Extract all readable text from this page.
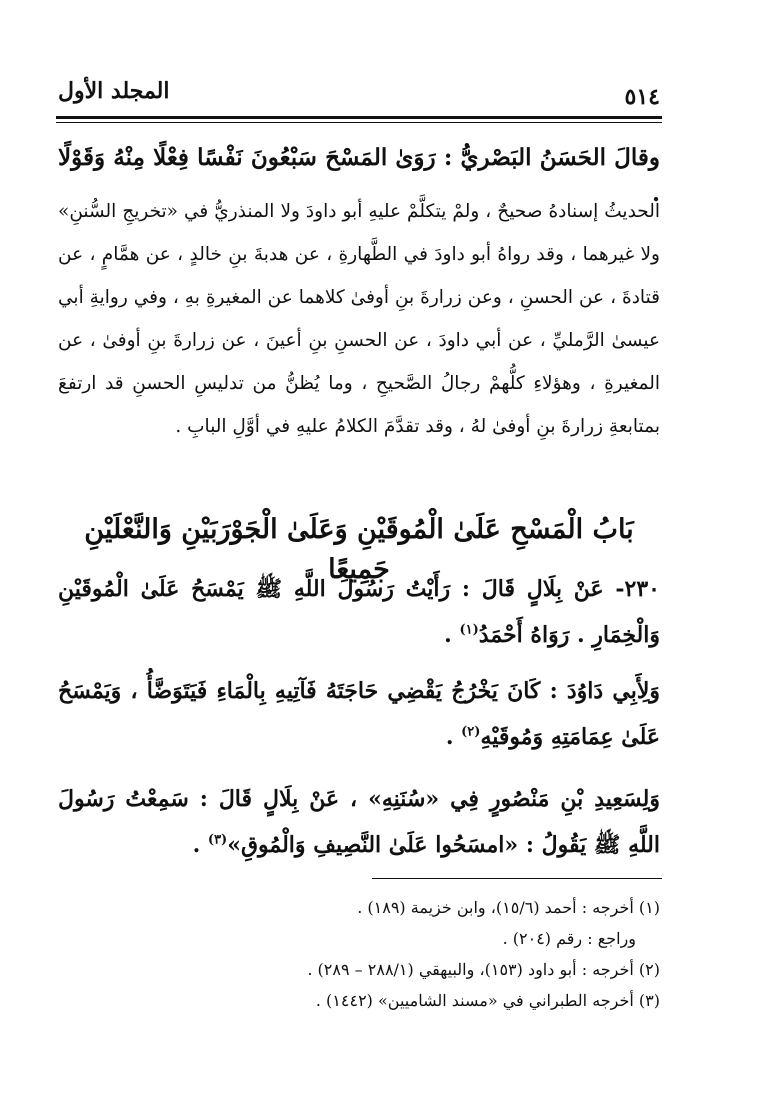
٥١٤
المجلد الأول
وقالَ الحَسَنُ البَصْريُّ : رَوَىٰ المَسْحَ سَبْعُونَ نَفْسًا فِعْلًا مِنْهُ وَقَوْلًا .
الحديثُ إسنادهُ صحيحٌ ، ولمْ يتكلَّمْ عليهِ أبو داودَ ولا المنذريُّ في «تخريجِ السُّننِ» ولا غيرهما ، وقد رواهُ أبو داودَ في الطَّهارةِ ، عن هدبةَ بنِ خالدٍ ، عن همَّامٍ ، عن قتادةَ ، عن الحسنِ ، وعن زرارةَ بنِ أوفىٰ كلاهما عن المغيرةِ بهِ ، وفي روايةِ أبي عيسىٰ الرَّمليِّ ، عن أبي داودَ ، عن الحسنِ بنِ أعينَ ، عن زرارةَ بنِ أوفىٰ ، عن المغيرةِ ، وهؤلاءِ كلُّهمْ رجالُ الصَّحيحِ ، وما يُظنُّ من تدليسِ الحسنِ قد ارتفعَ بمتابعةِ زرارةَ بنِ أوفىٰ لهُ ، وقد تقدَّمَ الكلامُ عليهِ في أوَّلِ البابِ .
بَابُ الْمَسْحِ عَلَىٰ الْمُوقَيْنِ وَعَلَىٰ الْجَوْرَبَيْنِ وَالنَّعْلَيْنِ جَمِيعًا
٢٣٠- عَنْ بِلَالٍ قَالَ : رَأَيْتُ رَسُولَ اللَّهِ ﷺ يَمْسَحُ عَلَىٰ الْمُوقَيْنِ وَالْخِمَارِ . رَوَاهُ أَحْمَدُ$^{(١)}$ .
وَلِأَبِي دَاوُدَ : كَانَ يَخْرُجُ يَقْضِي حَاجَتَهُ فَآتِيهِ بِالْمَاءِ فَيَتَوَضَّأُ ، وَيَمْسَحُ عَلَىٰ عِمَامَتِهِ وَمُوقَيْهِ$^{(٢)}$ .
وَلِسَعِيدِ بْنِ مَنْصُورٍ فِي «سُنَنِهِ» ، عَنْ بِلَالٍ قَالَ : سَمِعْتُ رَسُولَ اللَّهِ ﷺ يَقُولُ : «امسَحُوا عَلَىٰ النَّصِيفِ وَالْمُوقِ»$^{(٣)}$ .
(١) أخرجه : أحمد (١٥/٦)، وابن خزيمة (١٨٩) .
وراجع : رقم (٢٠٤) .
(٢) أخرجه : أبو داود (١٥٣)، والبيهقي (٢٨٨/١ – ٢٨٩) .
(٣) أخرجه الطبراني في «مسند الشاميين» (١٤٤٢) .
